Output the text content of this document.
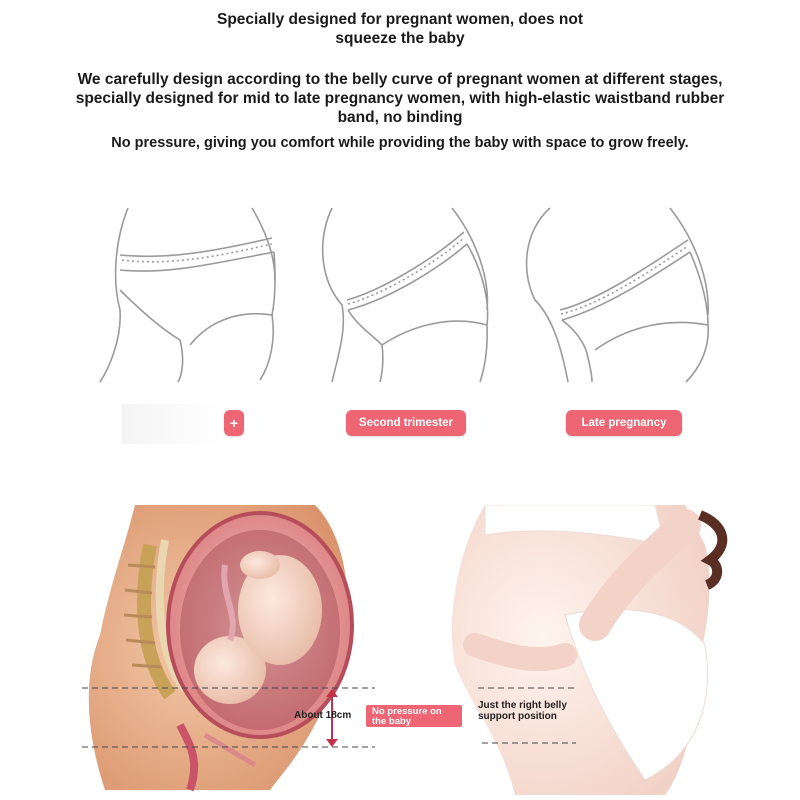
Specially designed for pregnant women, does not squeeze the baby
We carefully design according to the belly curve of pregnant women at different stages, specially designed for mid to late pregnancy women, with high-elastic waistband rubber band, no binding
No pressure, giving you comfort while providing the baby with space to grow freely.
+	Second trimester	Late pregnancy
About 18cm	No pressure on the baby
Just the right belly support position
